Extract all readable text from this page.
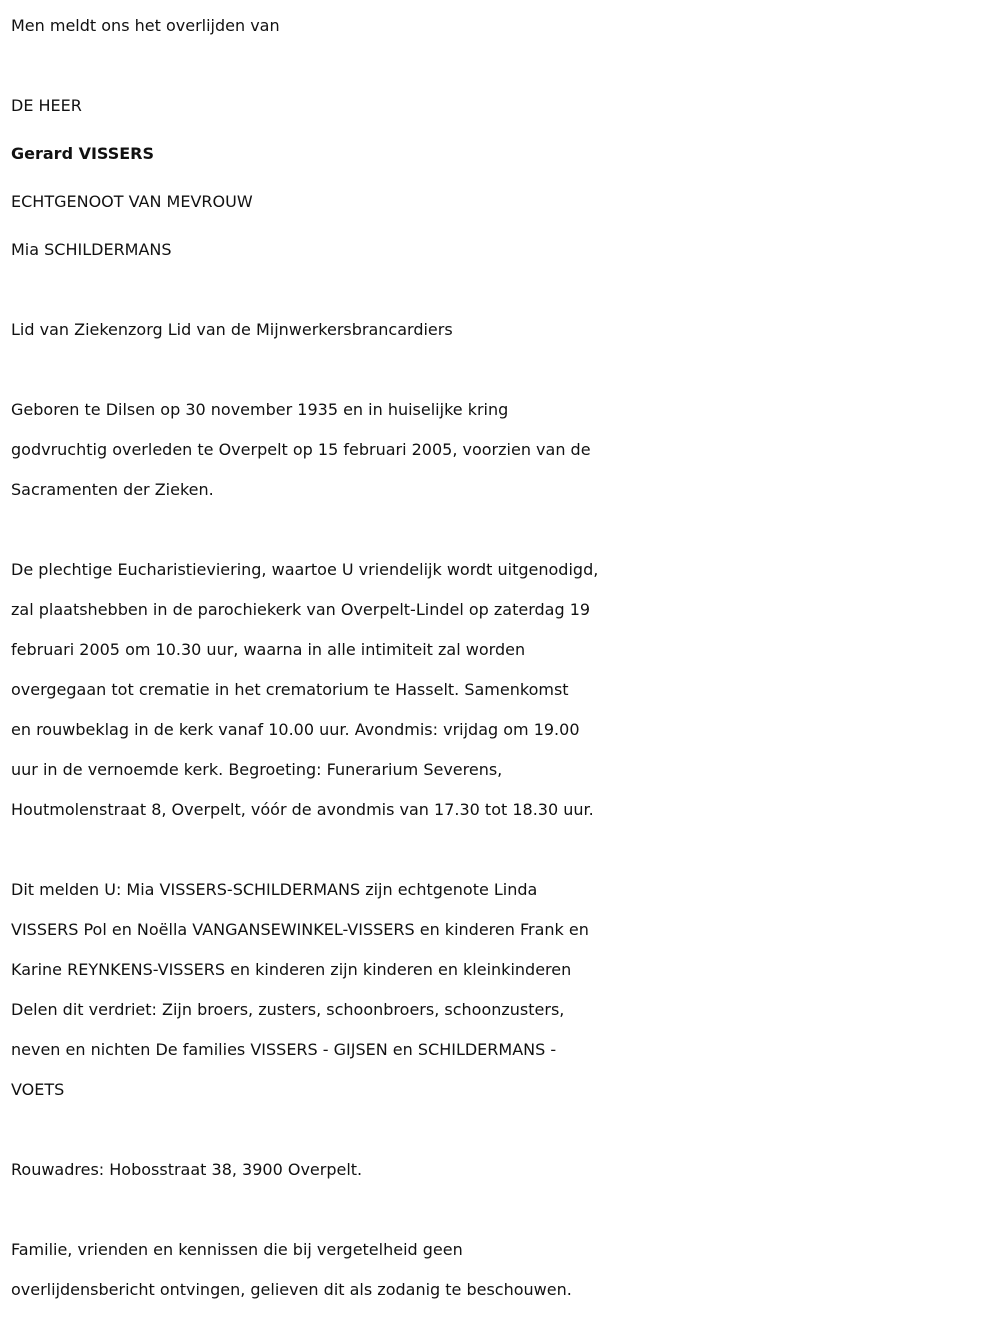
Men meldt ons het overlijden van
DE HEER
Gerard VISSERS
ECHTGENOOT VAN MEVROUW
Mia SCHILDERMANS
Lid van Ziekenzorg Lid van de Mijnwerkersbrancardiers
Geboren te Dilsen op 30 november 1935 en in huiselijke kring
godvruchtig overleden te Overpelt op 15 februari 2005, voorzien van de
Sacramenten der Zieken.
De plechtige Eucharistieviering, waartoe U vriendelijk wordt uitgenodigd,
zal plaatshebben in de parochiekerk van Overpelt-Lindel op zaterdag 19
februari 2005 om 10.30 uur, waarna in alle intimiteit zal worden
overgegaan tot crematie in het crematorium te Hasselt. Samenkomst
en rouwbeklag in de kerk vanaf 10.00 uur. Avondmis: vrijdag om 19.00
uur in de vernoemde kerk. Begroeting: Funerarium Severens,
Houtmolenstraat 8, Overpelt, vóór de avondmis van 17.30 tot 18.30 uur.
Dit melden U: Mia VISSERS-SCHILDERMANS zijn echtgenote Linda
VISSERS Pol en Noëlla VANGANSEWINKEL-VISSERS en kinderen Frank en
Karine REYNKENS-VISSERS en kinderen zijn kinderen en kleinkinderen
Delen dit verdriet: Zijn broers, zusters, schoonbroers, schoonzusters,
neven en nichten De families VISSERS - GIJSEN en SCHILDERMANS -
VOETS
Rouwadres: Hobosstraat 38, 3900 Overpelt.
Familie, vrienden en kennissen die bij vergetelheid geen
overlijdensbericht ontvingen, gelieven dit als zodanig te beschouwen.
